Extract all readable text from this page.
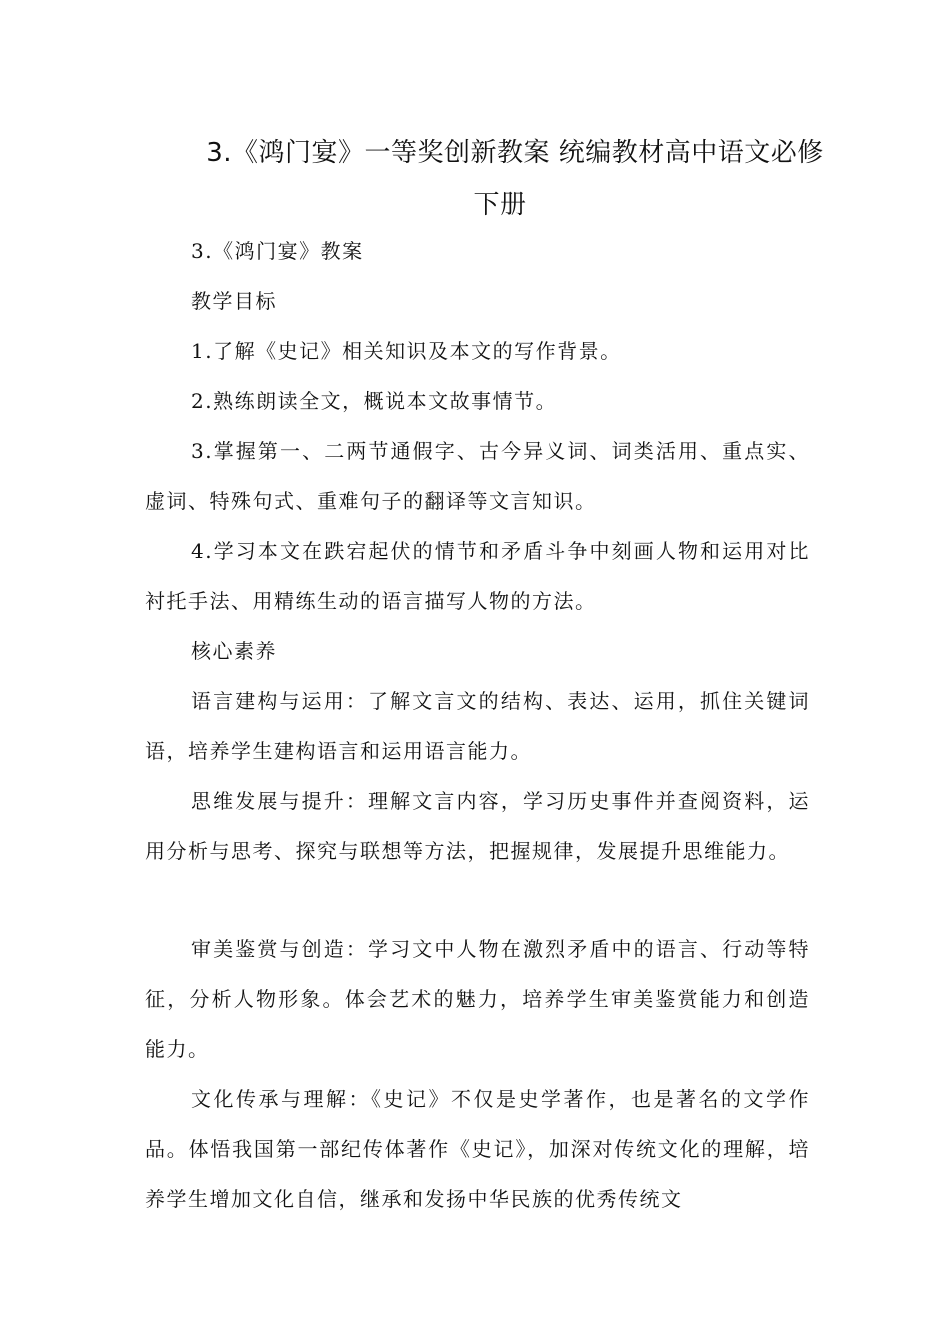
3.《鸿门宴》一等奖创新教案 统编教材高中语文必修
下册
3.《鸿门宴》教案
教学目标
1.了解《史记》相关知识及本文的写作背景。
2.熟练朗读全文，概说本文故事情节。
3.掌握第一、二两节通假字、古今异义词、词类活用、重点实、虚词、特殊句式、重难句子的翻译等文言知识。
4.学习本文在跌宕起伏的情节和矛盾斗争中刻画人物和运用对比衬托手法、用精练生动的语言描写人物的方法。
核心素养
语言建构与运用：了解文言文的结构、表达、运用，抓住关键词语，培养学生建构语言和运用语言能力。
思维发展与提升：理解文言内容，学习历史事件并查阅资料，运用分析与思考、探究与联想等方法，把握规律，发展提升思维能力。
审美鉴赏与创造：学习文中人物在激烈矛盾中的语言、行动等特征，分析人物形象。体会艺术的魅力，培养学生审美鉴赏能力和创造能力。
文化传承与理解：《史记》不仅是史学著作，也是著名的文学作品。体悟我国第一部纪传体著作《史记》，加深对传统文化的理解，培养学生增加文化自信，继承和发扬中华民族的优秀传统文
